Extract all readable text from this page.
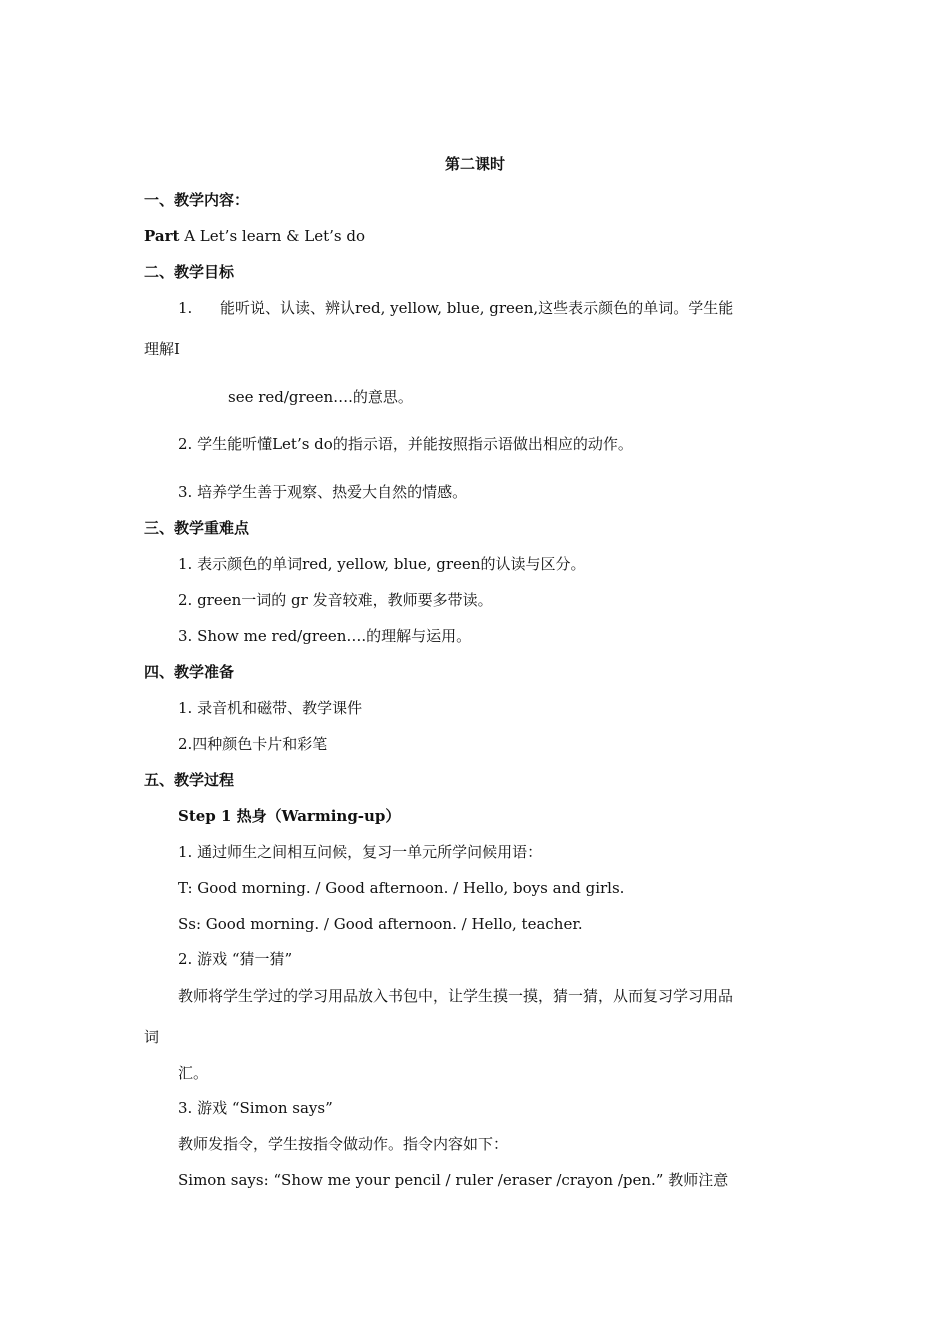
第二课时
一、教学内容：
Part A Let’s learn & Let’s do
二、教学目标
1. 能听说、认读、辨认red, yellow, blue, green,这些表示颜色的单词。学生能
理解I
see red/green….的意思。
2. 学生能听懂Let’s do的指示语，并能按照指示语做出相应的动作。
3. 培养学生善于观察、热爱大自然的情感。
三、教学重难点
1. 表示颜色的单词red, yellow, blue, green的认读与区分。
2. green一词的 gr 发音较难，教师要多带读。
3. Show me red/green….的理解与运用。
四、教学准备
1. 录音机和磁带、教学课件
2.四种颜色卡片和彩笔
五、教学过程
Step 1 热身（Warming-up）
1. 通过师生之间相互问候，复习一单元所学问候用语：
T: Good morning. / Good afternoon. / Hello, boys and girls.
Ss: Good morning. / Good afternoon. / Hello, teacher.
2. 游戏 “猜一猜”
教师将学生学过的学习用品放入书包中，让学生摸一摸，猜一猜，从而复习学习用品
词
汇。
3. 游戏 “Simon says”
教师发指令，学生按指令做动作。指令内容如下：
Simon says: “Show me your pencil / ruler /eraser /crayon /pen.” 教师注意
